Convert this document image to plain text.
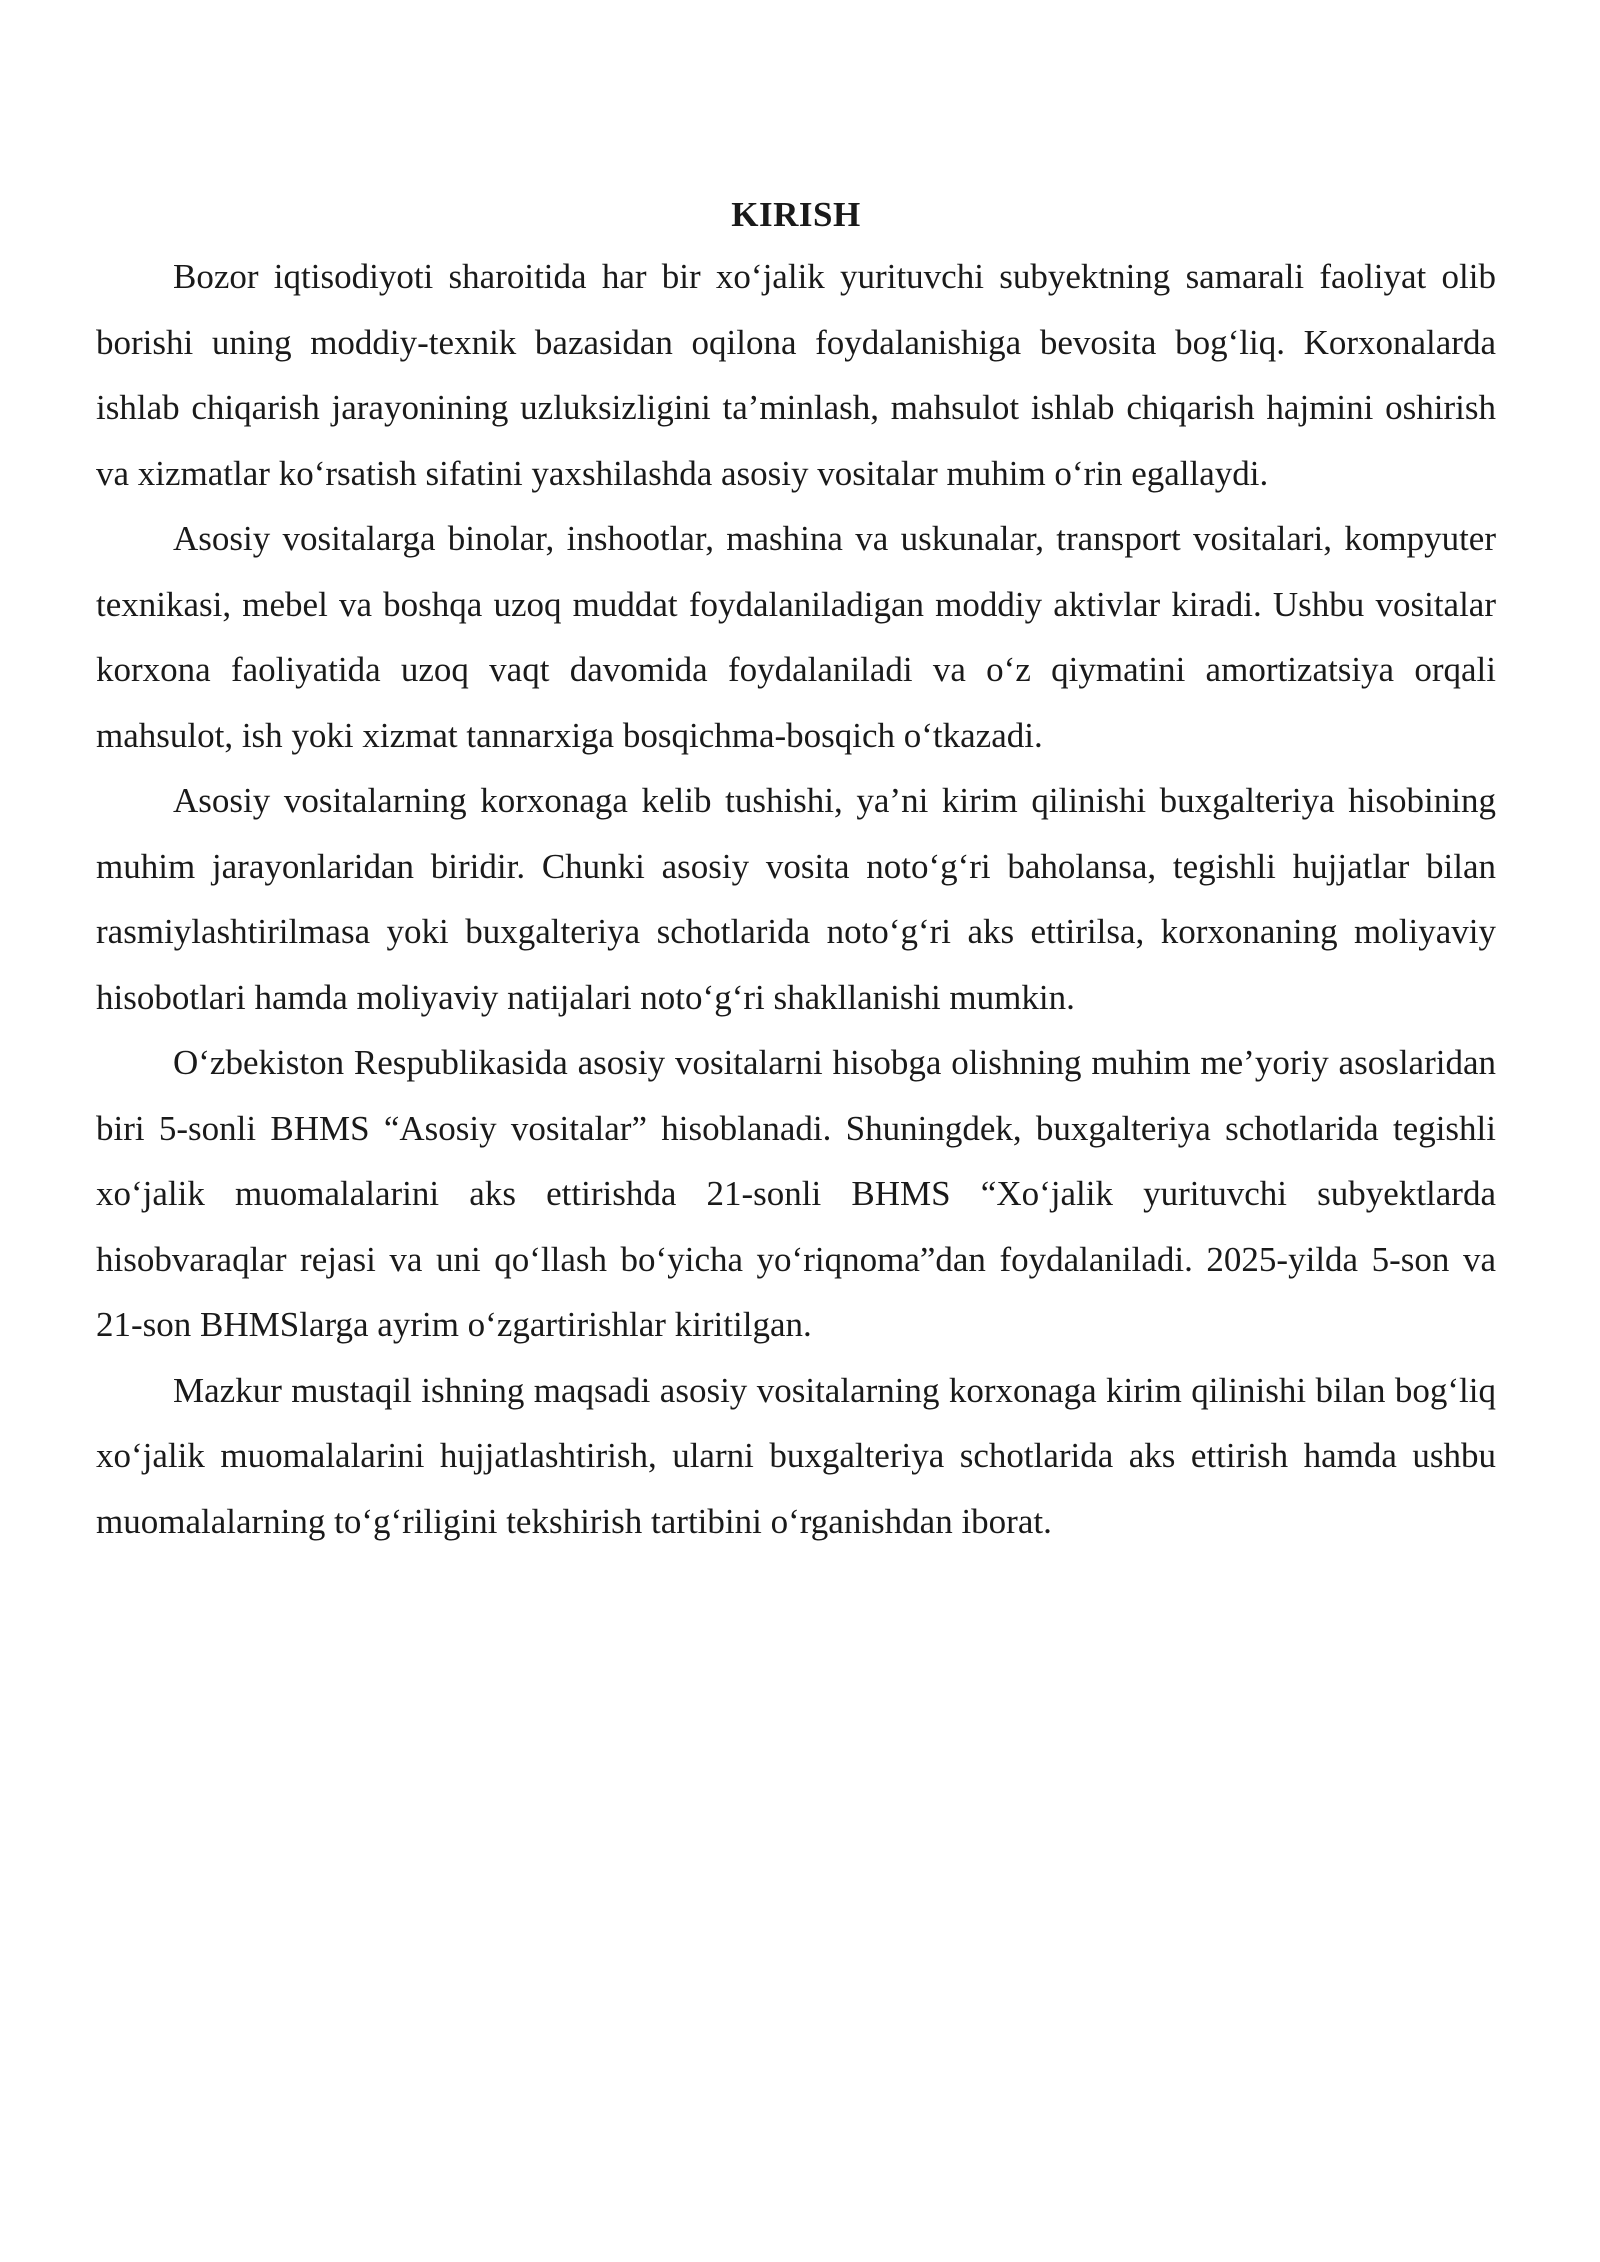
KIRISH

Bozor iqtisodiyoti sharoitida har bir xo‘jalik yurituvchi subyektning samarali faoliyat olib borishi uning moddiy-texnik bazasidan oqilona foydalanishiga bevosita bog‘liq. Korxonalarda ishlab chiqarish jarayonining uzluksizligini ta’minlash, mahsulot ishlab chiqarish hajmini oshirish va xizmatlar ko‘rsatish sifatini yaxshilashda asosiy vositalar muhim o‘rin egallaydi.

Asosiy vositalarga binolar, inshootlar, mashina va uskunalar, transport vositalari, kompyuter texnikasi, mebel va boshqa uzoq muddat foydalaniladigan moddiy aktivlar kiradi. Ushbu vositalar korxona faoliyatida uzoq vaqt davomida foydalaniladi va o‘z qiymatini amortizatsiya orqali mahsulot, ish yoki xizmat tannarxiga bosqichma-bosqich o‘tkazadi.

Asosiy vositalarning korxonaga kelib tushishi, ya’ni kirim qilinishi buxgalteriya hisobining muhim jarayonlaridan biridir. Chunki asosiy vosita noto‘g‘ri baholansa, tegishli hujjatlar bilan rasmiylashtirilmasa yoki buxgalteriya schotlarida noto‘g‘ri aks ettirilsa, korxonaning moliyaviy hisobotlari hamda moliyaviy natijalari noto‘g‘ri shakllanishi mumkin.

O‘zbekiston Respublikasida asosiy vositalarni hisobga olishning muhim me’yoriy asoslaridan biri 5-sonli BHMS “Asosiy vositalar” hisoblanadi. Shuningdek, buxgalteriya schotlarida tegishli xo‘jalik muomalalarini aks ettirishda 21-sonli BHMS “Xo‘jalik yurituvchi subyektlarda hisobvaraqlar rejasi va uni qo‘llash bo‘yicha yo‘riqnoma”dan foydalaniladi. 2025-yilda 5-son va 21-son BHMSlarga ayrim o‘zgartirishlar kiritilgan.

Mazkur mustaqil ishning maqsadi asosiy vositalarning korxonaga kirim qilinishi bilan bog‘liq xo‘jalik muomalalarini hujjatlashtirish, ularni buxgalteriya schotlarida aks ettirish hamda ushbu muomalalarning to‘g‘riligini tekshirish tartibini o‘rganishdan iborat.
